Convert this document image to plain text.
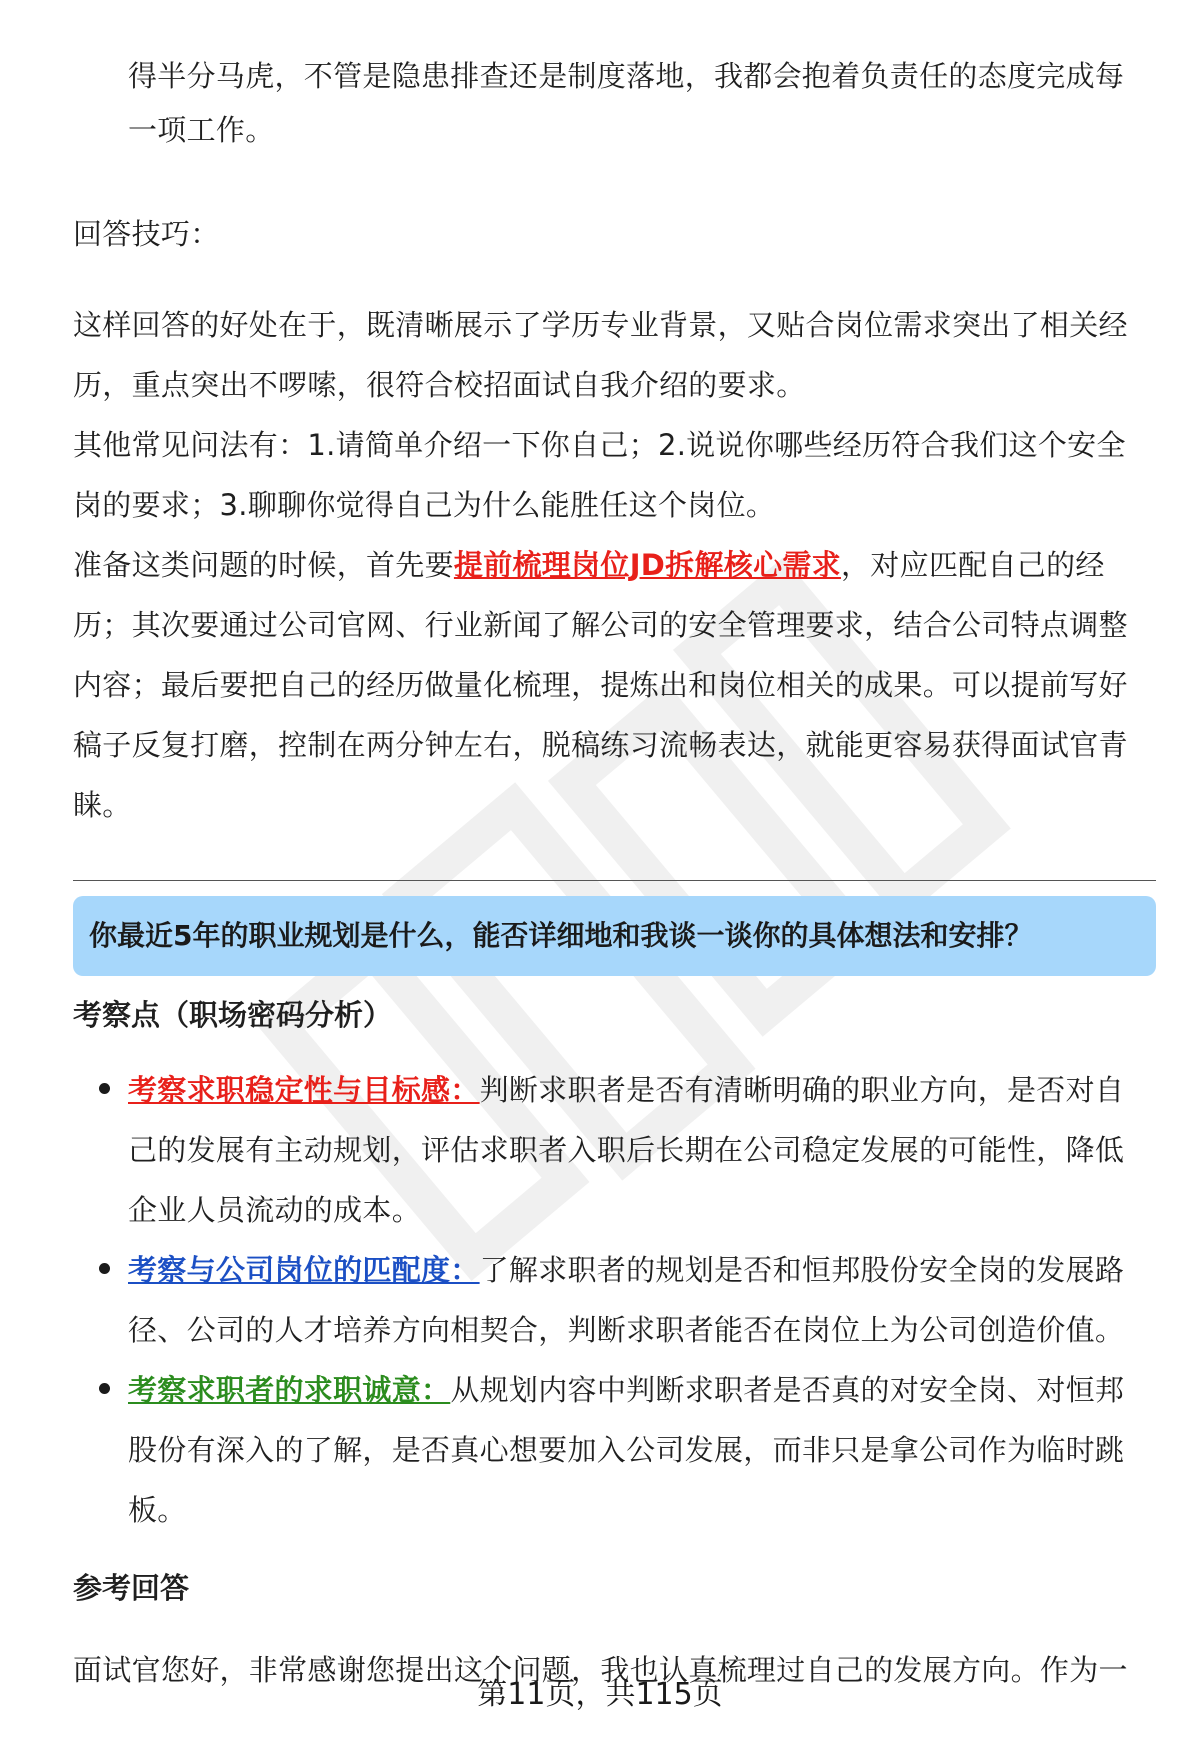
得半分马虎，不管是隐患排查还是制度落地，我都会抱着负责任的态度完成每

一项工作。

回答技巧：

这样回答的好处在于，既清晰展示了学历专业背景，又贴合岗位需求突出了相关经历，重点突出不啰嗦，很符合校招面试自我介绍的要求。

其他常见问法有：1.请简单介绍一下你自己；2.说说你哪些经历符合我们这个安全岗的要求；3.聊聊你觉得自己为什么能胜任这个岗位。

准备这类问题的时候，首先要提前梳理岗位JD拆解核心需求，对应匹配自己的经历；其次要通过公司官网、行业新闻了解公司的安全管理要求，结合公司特点调整内容；最后要把自己的经历做量化梳理，提炼出和岗位相关的成果。可以提前写好稿子反复打磨，控制在两分钟左右，脱稿练习流畅表达，就能更容易获得面试官青睐。

你最近5年的职业规划是什么，能否详细地和我谈一谈你的具体想法和安排？

考察点（职场密码分析）

考察求职稳定性与目标感：判断求职者是否有清晰明确的职业方向，是否对自己的发展有主动规划，评估求职者入职后长期在公司稳定发展的可能性，降低企业人员流动的成本。

考察与公司岗位的匹配度：了解求职者的规划是否和恒邦股份安全岗的发展路径、公司的人才培养方向相契合，判断求职者能否在岗位上为公司创造价值。

考察求职者的求职诚意：从规划内容中判断求职者是否真的对安全岗、对恒邦股份有深入的了解，是否真心想要加入公司发展，而非只是拿公司作为临时跳板。

参考回答

面试官您好，非常感谢您提出这个问题，我也认真梳理过自己的发展方向。作为一

第11页，共115页
